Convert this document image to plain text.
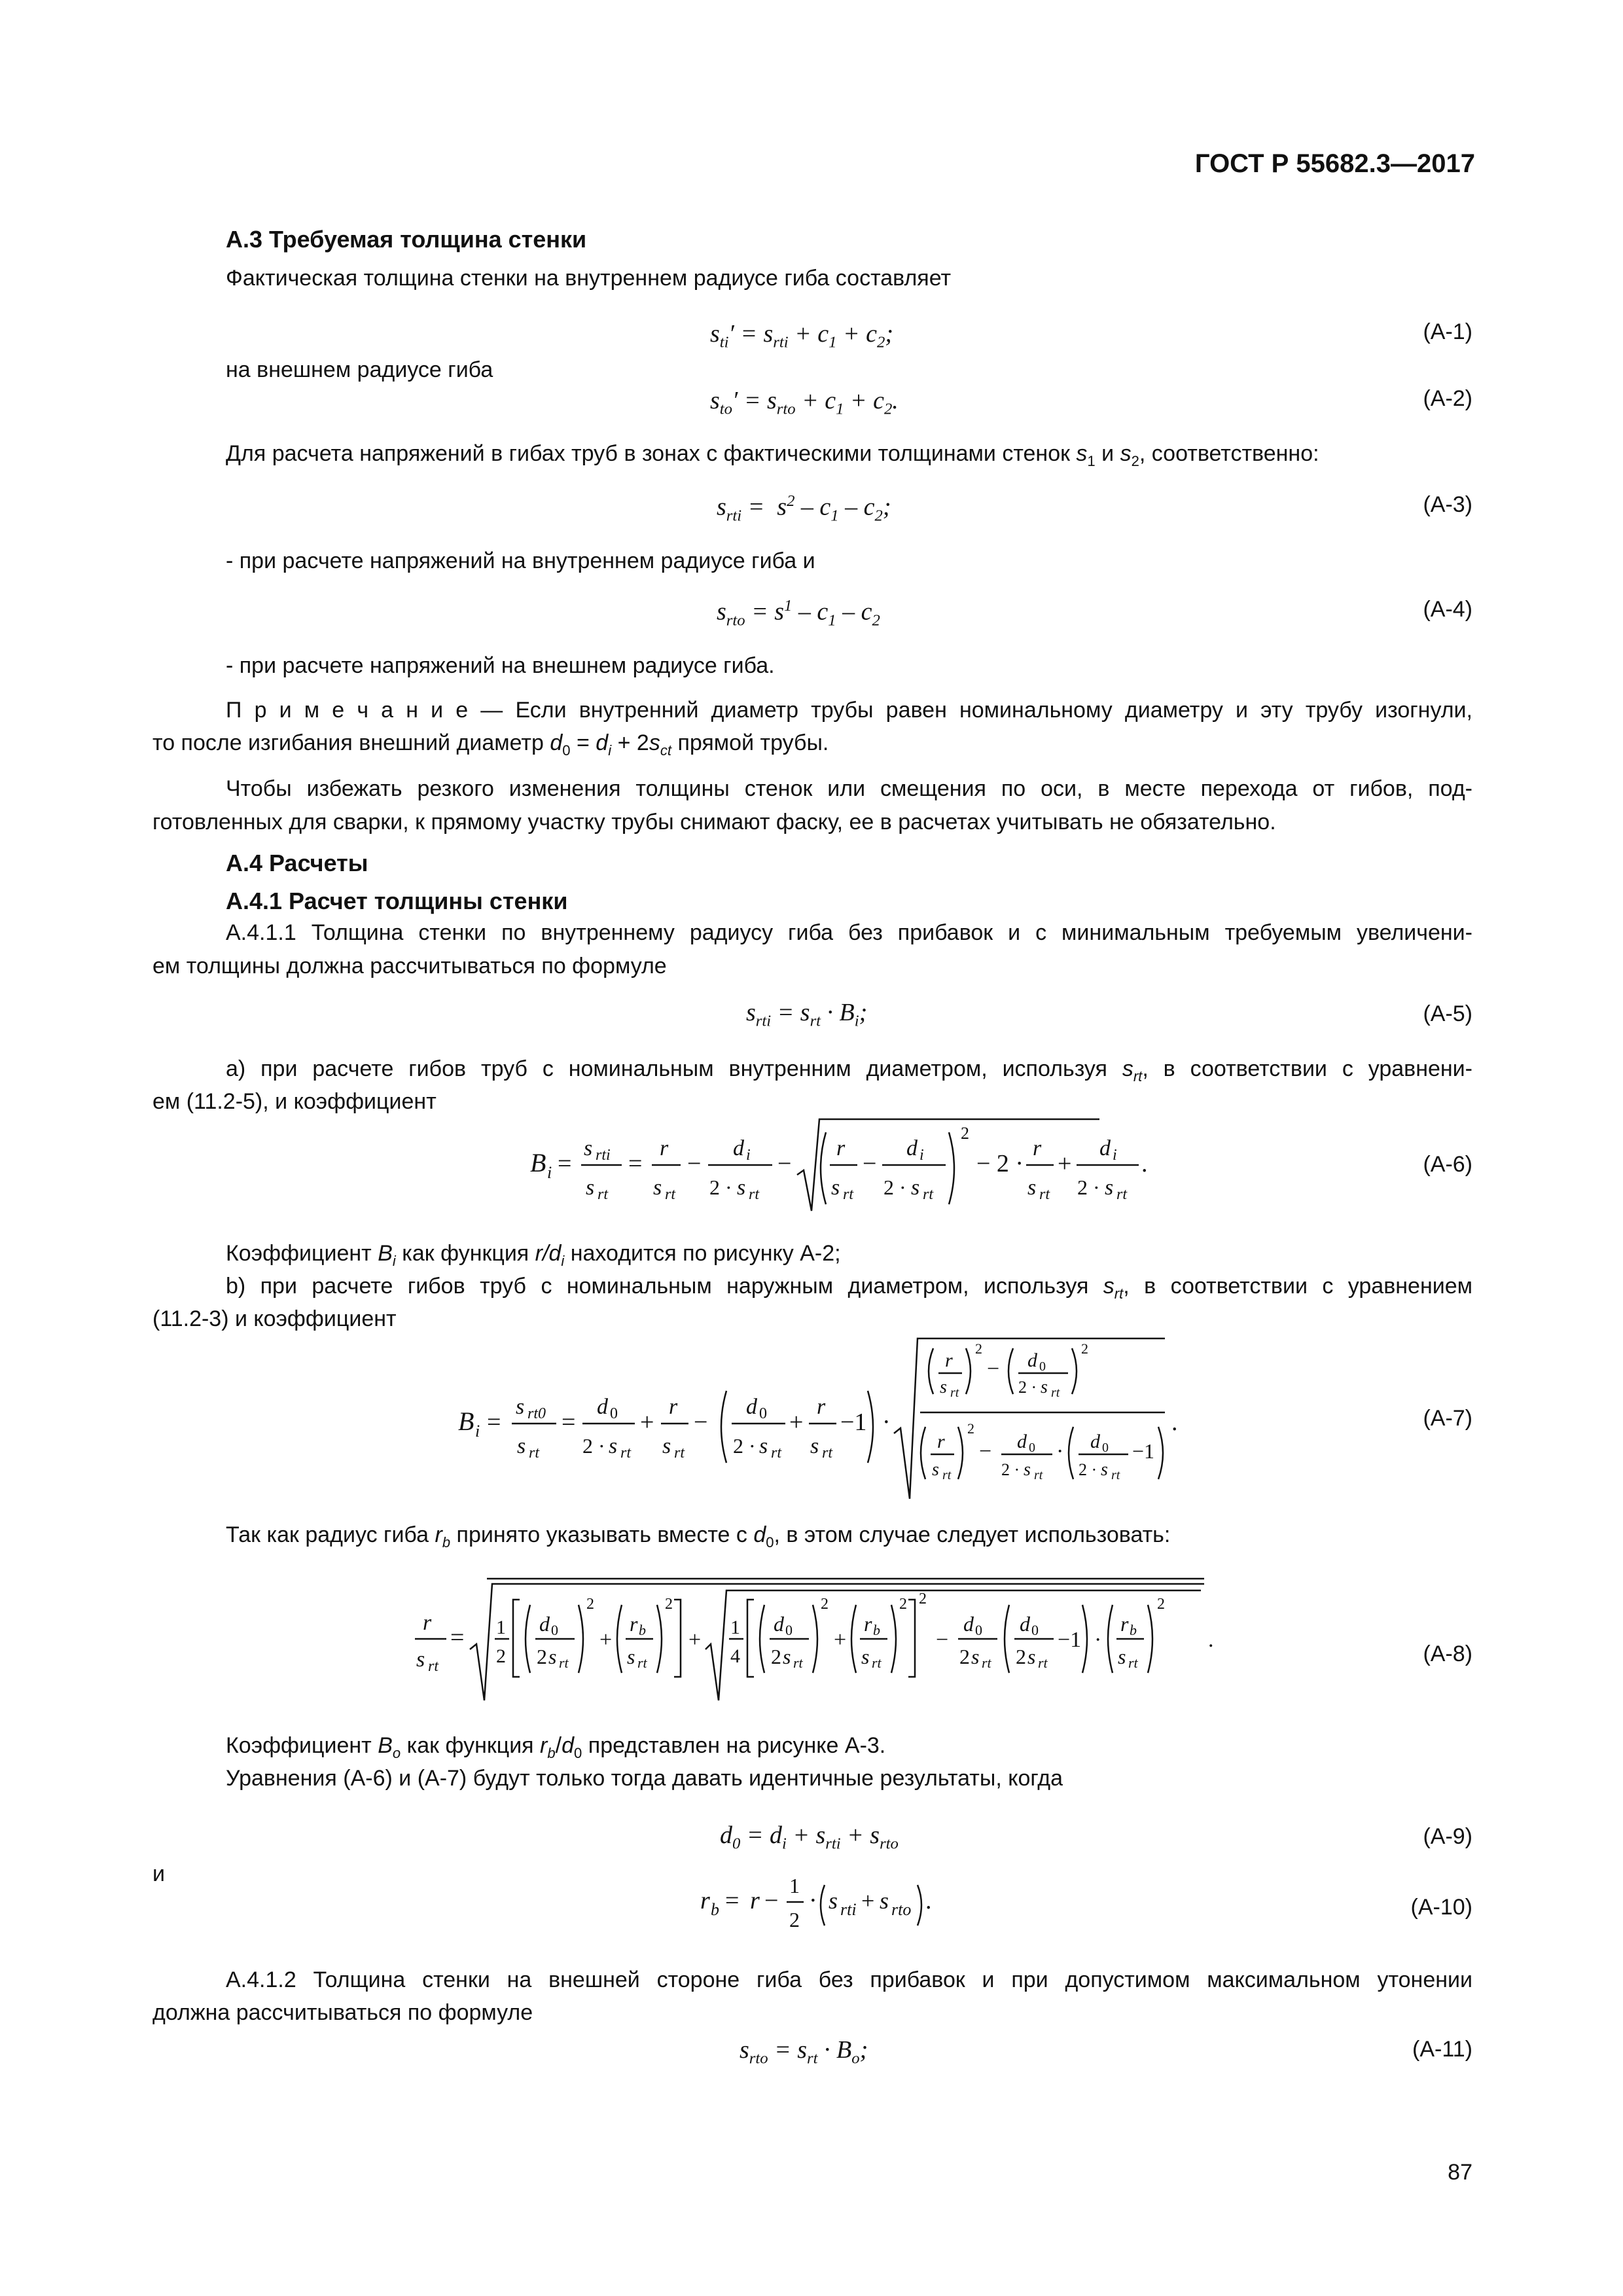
ГОСТ Р 55682.3—2017
А.3 Требуемая толщина стенки
Фактическая толщина стенки на внутреннем радиусе гиба составляет
$s_{ti}' = s_{rti} + c_1 + c_2$;	(А-1)
на внешнем радиусе гиба
$s_{to}' = s_{rto} + c_1 + c_2$.	(А-2)
Для расчета напряжений в гибах труб в зонах с фактическими толщинами стенок $s_1$ и $s_2$, соответственно:
$s_{rti} = s^2 - c_1 - c_2$;	(А-3)
- при расчете напряжений на внутреннем радиусе гиба и
$s_{rto} = s^1 - c_1 - c_2$	(А-4)
- при расчете напряжений на внешнем радиусе гиба.
П р и м е ч а н и е — Если внутренний диаметр трубы равен номинальному диаметру и эту трубу изогнули,
то после изгибания внешний диаметр $d_0 = d_i + 2s_{ct}$ прямой трубы.
Чтобы избежать резкого изменения толщины стенок или смещения по оси, в месте перехода от гибов, под-
готовленных для сварки, к прямому участку трубы снимают фаску, ее в расчетах учитывать не обязательно.
А.4 Расчеты
А.4.1 Расчет толщины стенки
А.4.1.1 Толщина стенки по внутреннему радиусу гиба без прибавок и с минимальным требуемым увеличени-
ем толщины должна рассчитываться по формуле
$s_{rti} = s_{rt} \cdot B_i$;	(А-5)
а) при расчете гибов труб с номинальным внутренним диаметром, используя $s_{rt}$, в соответствии с уравнени-
ем (11.2-5), и коэффициент
B i =
s rti
s rt
=
r
s rt
−
d i
2 · s rt
−
r
s rt
−
d i
2 · s rt
2
− 2 ·
r
s rt
+
d i
2 · s rt
.	(А-6)
Коэффициент $B_i$ как функция $r/d_i$ находится по рисунку А-2;
b) при расчете гибов труб с номинальным наружным диаметром, используя $s_{rt}$, в соответствии с уравнением
(11.2-3) и коэффициент
B i =
s rt0
s rt
=
d 0
2 · s rt
+
r
s rt
−
d 0
2 · s rt
+
r
s rt
−1 ·
r
s rt
2
− d 0
2 · s rt
2
r
s rt
2
− d 0
2 · s rt
· d 0
2 · s rt
−1
.	(А-7)
Так как радиус гиба $r_b$ принято указывать вместе с $d_0$, в этом случае следует использовать:
r
s rt
= 1
2
d 0
2 s rt
2
+
r b
s rt
2
+
1
4
d 0
2 s rt
2
+
r b
s rt
2 2
−
d 0
2 s rt
d 0
2 s rt
−1 ·
r b
s rt
2
.
(А-8)
Коэффициент $B_o$ как функция $r_b/d_0$ представлен на рисунке А-3.
Уравнения (А-6) и (А-7) будут только тогда давать идентичные результаты, когда
$d_0 = d_i + s_{rti} + s_{rto}$	(А-9)
и
r b = r −
1
2
· s rti + s rto .	(А-10)
А.4.1.2 Толщина стенки на внешней стороне гиба без прибавок и при допустимом максимальном утонении
должна рассчитываться по формуле
$s_{rto} = s_{rt} \cdot B_o$;	(А-11)
87
